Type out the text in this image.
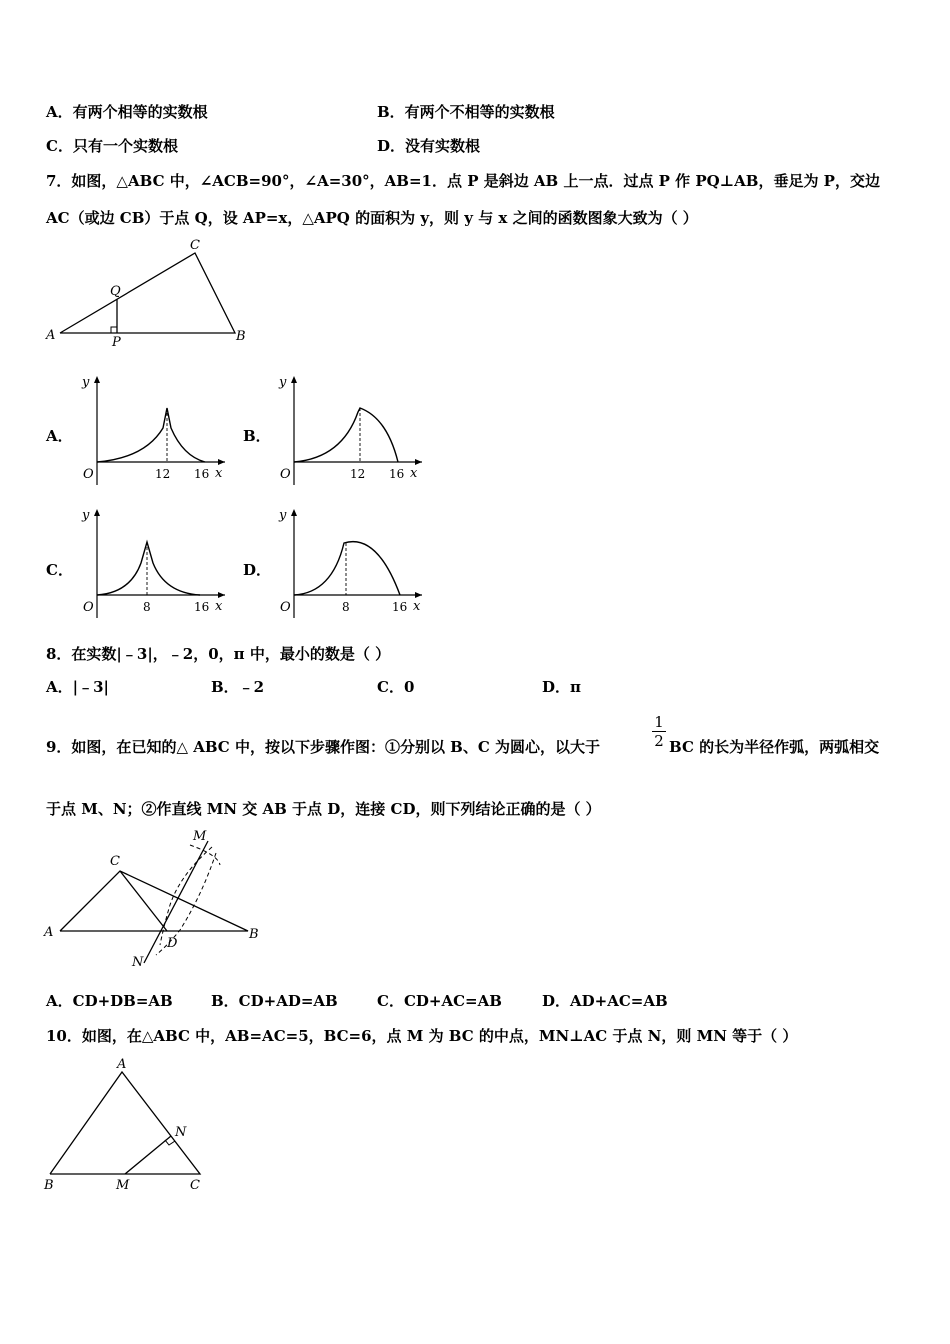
A．有两个相等的实数根	B．有两个不相等的实数根
C．只有一个实数根	D．没有实数根
7．如图，△ABC 中，∠ACB=90°，∠A=30°，AB=1．点 P 是斜边 AB 上一点．过点 P 作 PQ⊥AB，垂足为 P，交边
AC（或边 CB）于点 Q，设 AP=x，△APQ 的面积为 y，则 y 与 x 之间的函数图象大致为（ ）
A	B
C
P
Q
A．	B．
C．	D．
y
O	12 16 x
y
O	12 16 x
y
O	8	16 x
y
O	8	16 x
8．在实数|﹣3|，﹣2，0，π 中，最小的数是（ ）
A．|﹣3|	B．﹣2	C．0	D．π
9．如图，在已知的△ ABC 中，按以下步骤作图：①分别以 B、C 为圆心，以大于	$\frac{1}{2}$ BC 的长为半径作弧，两弧相交
于点 M、N；②作直线 MN 交 AB 于点 D，连接 CD，则下列结论正确的是（ ）
A	B
C
D
M
N
A．CD+DB=AB	B．CD+AD=AB	C．CD+AC=AB	D．AD+AC=AB
10．如图，在△ABC 中，AB=AC=5，BC=6，点 M 为 BC 的中点，MN⊥AC 于点 N，则 MN 等于（ ）
A
B	C
M
N
